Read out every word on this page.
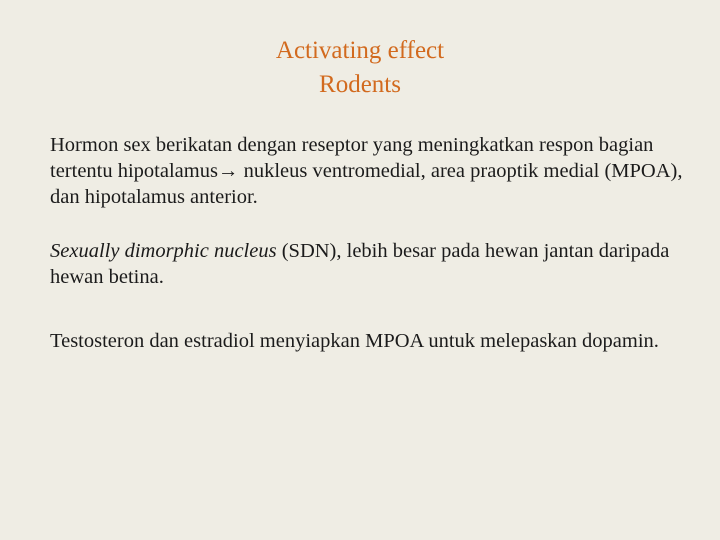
Activating effect
Rodents

Hormon sex berikatan dengan reseptor yang meningkatkan respon bagian tertentu hipotalamus→ nukleus ventromedial, area praoptik medial (MPOA), dan hipotalamus anterior.

Sexually dimorphic nucleus (SDN), lebih besar pada hewan jantan daripada hewan betina.

Testosteron dan estradiol menyiapkan MPOA untuk melepaskan dopamin.
